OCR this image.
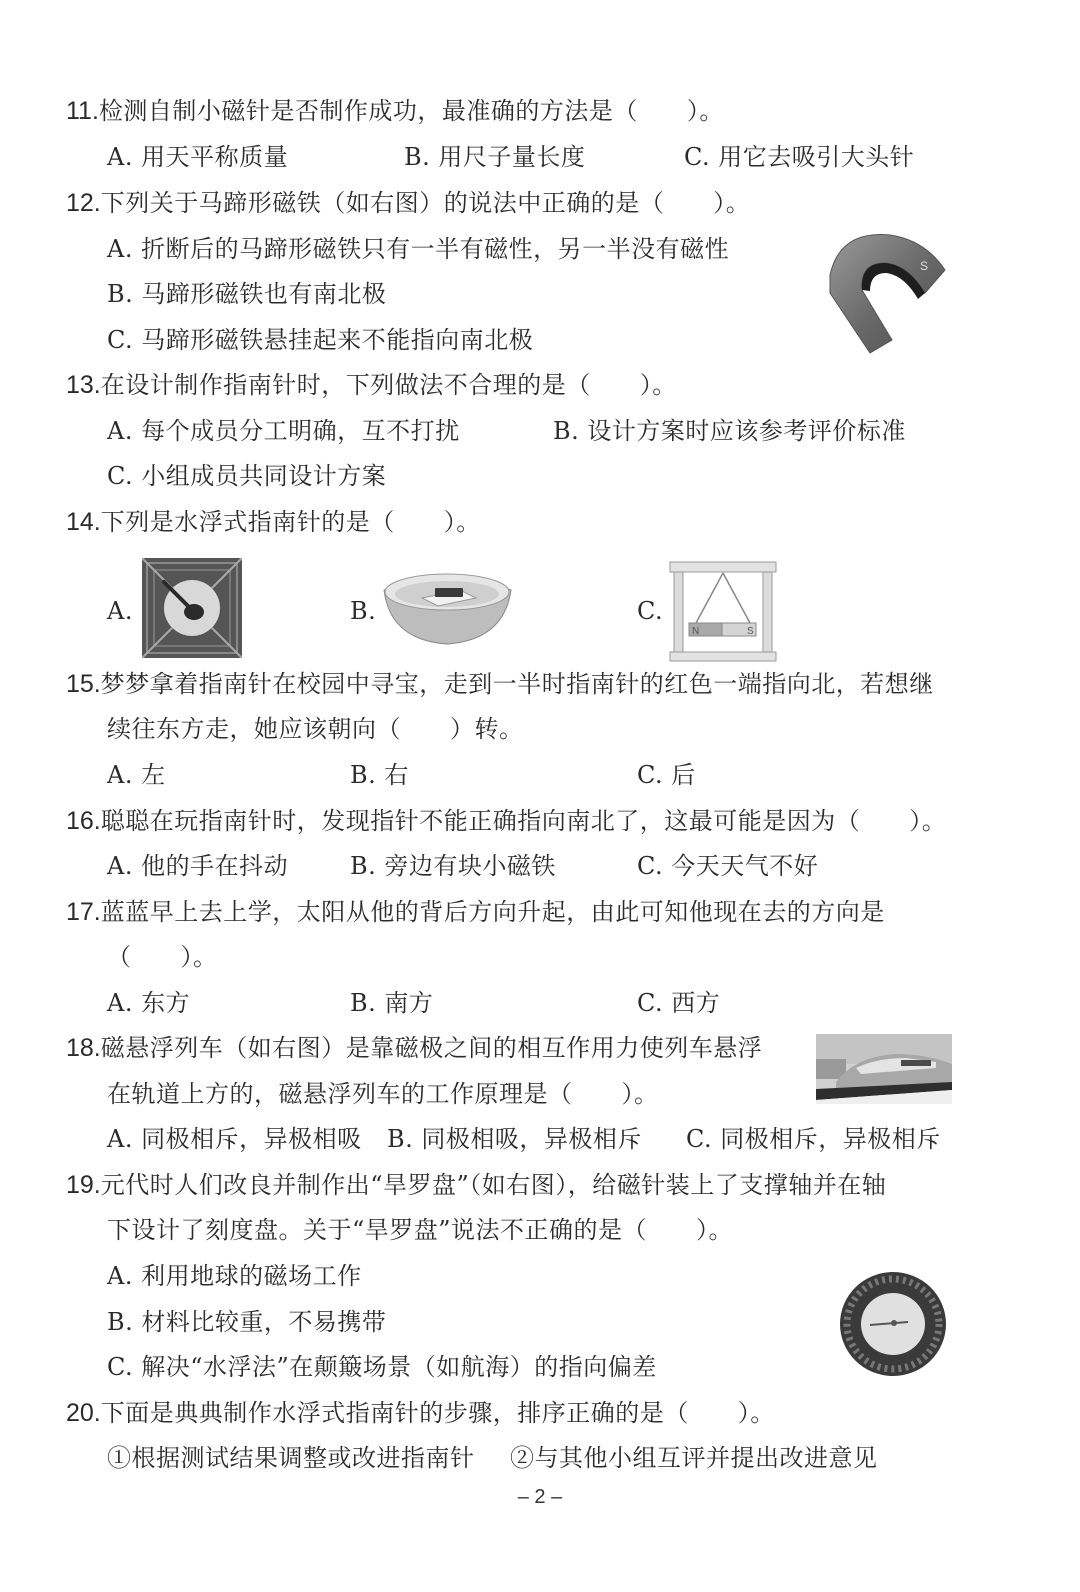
11.检测自制小磁针是否制作成功，最准确的方法是（　　）。
A. 用天平称质量	B. 用尺子量长度	C. 用它去吸引大头针
12.下列关于马蹄形磁铁（如右图）的说法中正确的是（　　）。
A. 折断后的马蹄形磁铁只有一半有磁性，另一半没有磁性
B. 马蹄形磁铁也有南北极
C. 马蹄形磁铁悬挂起来不能指向南北极
S
13.在设计制作指南针时，下列做法不合理的是（　　）。
A. 每个成员分工明确，互不打扰	B. 设计方案时应该参考评价标准
C. 小组成员共同设计方案
14.下列是水浮式指南针的是（　　）。
A.	B.	C.
N	S
15.梦梦拿着指南针在校园中寻宝，走到一半时指南针的红色一端指向北，若想继
续往东方走，她应该朝向（　　）转。
A. 左	B. 右	C. 后
16.聪聪在玩指南针时，发现指针不能正确指向南北了，这最可能是因为（　　）。
A. 他的手在抖动	B. 旁边有块小磁铁	C. 今天天气不好
17.蓝蓝早上去上学，太阳从他的背后方向升起，由此可知他现在去的方向是
（　　）。
A. 东方	B. 南方	C. 西方
18.磁悬浮列车（如右图）是靠磁极之间的相互作用力使列车悬浮
在轨道上方的，磁悬浮列车的工作原理是（　　）。
A. 同极相斥，异极相吸 B. 同极相吸，异极相斥 C. 同极相斥，异极相斥
19.元代时人们改良并制作出“旱罗盘”（如右图），给磁针装上了支撑轴并在轴
下设计了刻度盘。关于“旱罗盘”说法不正确的是（　　）。
A. 利用地球的磁场工作
B. 材料比较重，不易携带
C. 解决“水浮法”在颠簸场景（如航海）的指向偏差
20.下面是典典制作水浮式指南针的步骤，排序正确的是（　　）。
①根据测试结果调整或改进指南针 ②与其他小组互评并提出改进意见
– 2 –
